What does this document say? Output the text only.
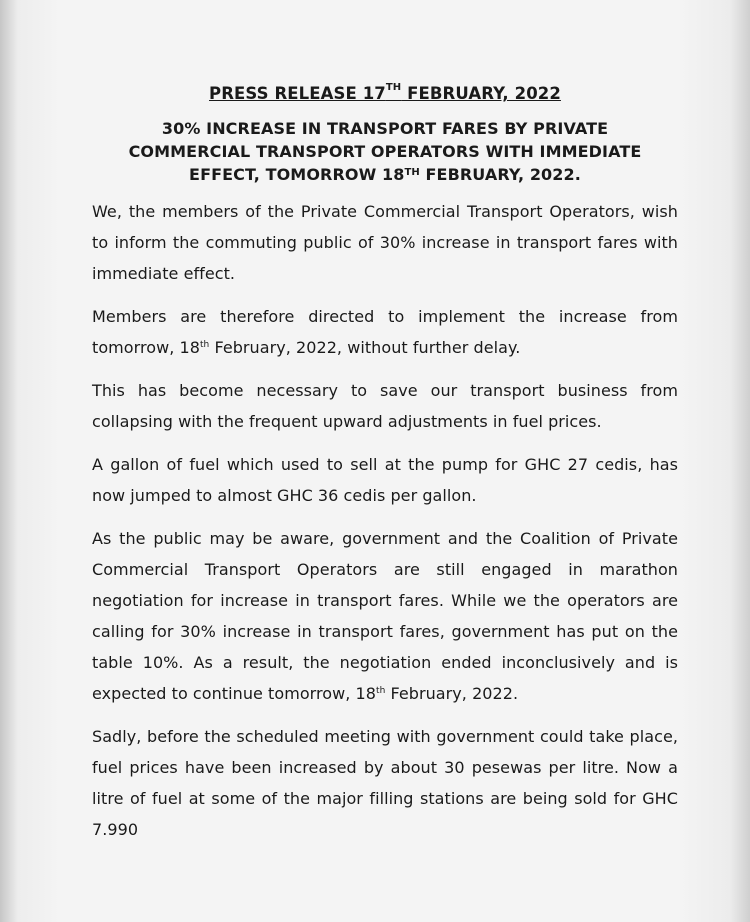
PRESS RELEASE 17TH FEBRUARY, 2022
30% INCREASE IN TRANSPORT FARES BY PRIVATE
COMMERCIAL TRANSPORT OPERATORS WITH IMMEDIATE
EFFECT, TOMORROW 18TH FEBRUARY, 2022.

We, the members of the Private Commercial Transport Operators, wish to inform the commuting public of 30% increase in transport fares with immediate effect.

Members are therefore directed to implement the increase from tomorrow, 18th February, 2022, without further delay.

This has become necessary to save our transport business from collapsing with the frequent upward adjustments in fuel prices.

A gallon of fuel which used to sell at the pump for GHC 27 cedis, has now jumped to almost GHC 36 cedis per gallon.

As the public may be aware, government and the Coalition of Private Commercial Transport Operators are still engaged in marathon negotiation for increase in transport fares. While we the operators are calling for 30% increase in transport fares, government has put on the table 10%. As a result, the negotiation ended inconclusively and is expected to continue tomorrow, 18th February, 2022.

Sadly, before the scheduled meeting with government could take place, fuel prices have been increased by about 30 pesewas per litre. Now a litre of fuel at some of the major filling stations are being sold for GHC 7.990
